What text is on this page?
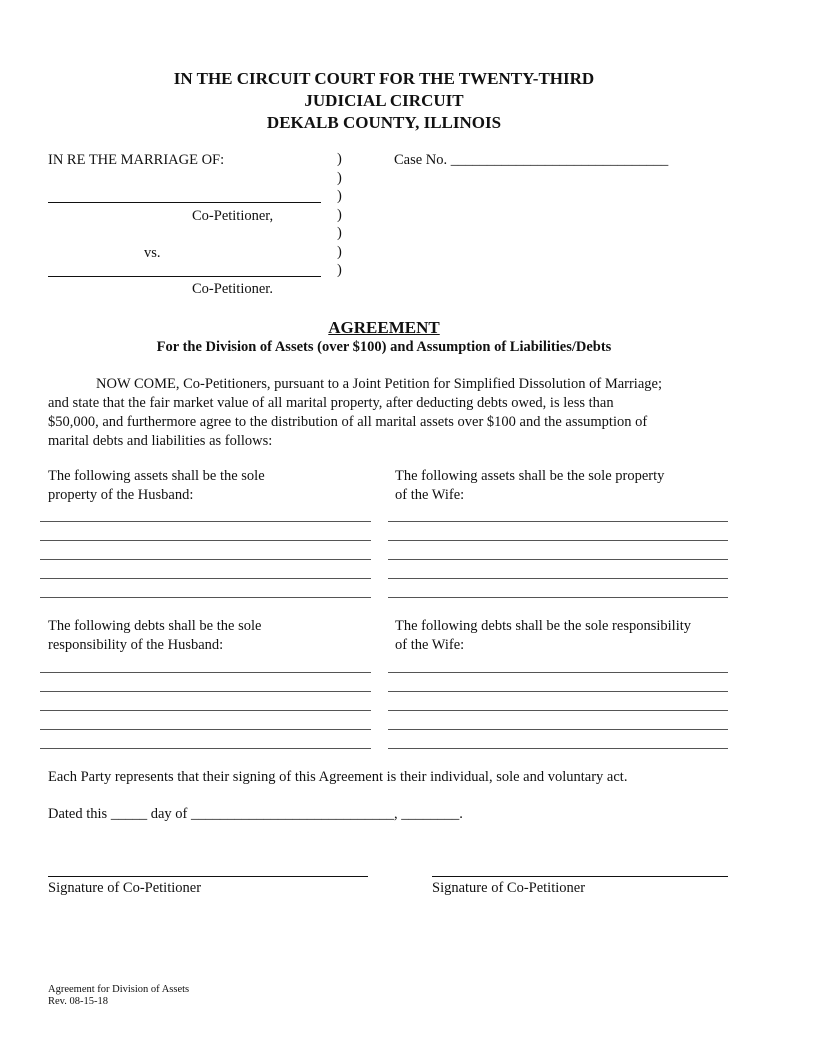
IN THE CIRCUIT COURT FOR THE TWENTY-THIRD
JUDICIAL CIRCUIT
DEKALB COUNTY, ILLINOIS
IN RE THE MARRIAGE OF:	Case No. ______________________________
)
)
)
)
)
)
)
Co-Petitioner,
vs.
Co-Petitioner.
AGREEMENT
For the Division of Assets (over $100) and Assumption of Liabilities/Debts

NOW COME, Co-Petitioners, pursuant to a Joint Petition for Simplified Dissolution of Marriage;

and state that the fair market value of all marital property, after deducting debts owed, is less than

$50,000, and furthermore agree to the distribution of all marital assets over $100 and the assumption of

marital debts and liabilities as follows:

The following assets shall be the sole
property of the Husband:
The following assets shall be the sole property
of the Wife:
The following debts shall be the sole
responsibility of the Husband:
The following debts shall be the sole responsibility
of the Wife:
Each Party represents that their signing of this Agreement is their individual, sole and voluntary act.
Dated this _____ day of ____________________________, ________.
Signature of Co-Petitioner	Signature of Co-Petitioner
Agreement for Division of Assets
Rev. 08-15-18
